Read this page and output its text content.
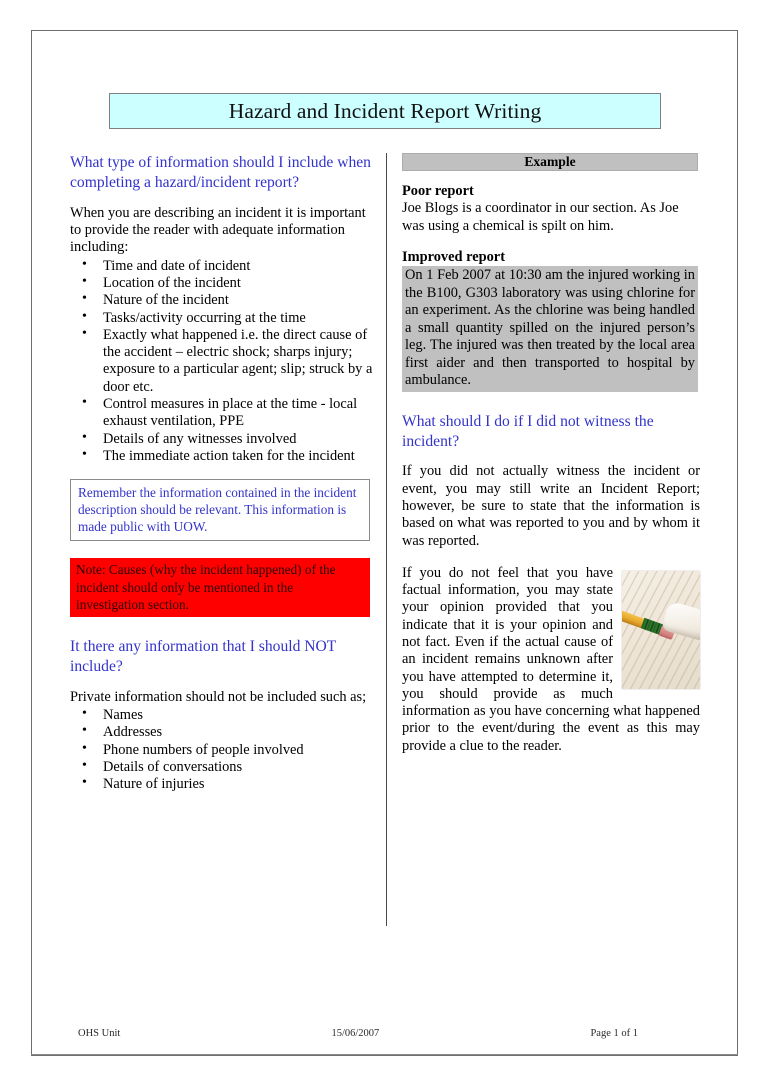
Hazard and Incident Report Writing
What type of information should I include when completing a hazard/incident report?

When you are describing an incident it is important to provide the reader with adequate information including:

• Time and date of incident
• Location of the incident
• Nature of the incident
• Tasks/activity occurring at the time
• Exactly what happened i.e. the direct cause of the accident – electric shock; sharps injury; exposure to a particular agent; slip; struck by a door etc.
• Control measures in place at the time - local exhaust ventilation, PPE
• Details of any witnesses involved
• The immediate action taken for the incident

Remember the information contained in the incident description should be relevant. This information is made public with UOW.

Note: Causes (why the incident happened) of the incident should only be mentioned in the investigation section.

It there any information that I should NOT include?

Private information should not be included such as;

• Names
• Addresses
• Phone numbers of people involved
• Details of conversations
• Nature of injuries
Example

Poor report

Joe Blogs is a coordinator in our section. As Joe was using a chemical is spilt on him.

Improved report

On 1 Feb 2007 at 10:30 am the injured working in the B100, G303 laboratory was using chlorine for an experiment. As the chlorine was being handled a small quantity spilled on the injured person’s leg. The injured was then treated by the local area first aider and then transported to hospital by ambulance.

What should I do if I did not witness the incident?

If you did not actually witness the incident or event, you may still write an Incident Report; however, be sure to state that the information is based on what was reported to you and by whom it was reported.

If you do not feel that you have factual information, you may state your opinion provided that you indicate that it is your opinion and not fact. Even if the actual cause of an incident remains unknown after you have attempted to determine it, you should provide as much information as you have concerning what happened prior to the event/during the event as this may provide a clue to the reader.

OHS Unit	15/06/2007	Page 1 of 1
